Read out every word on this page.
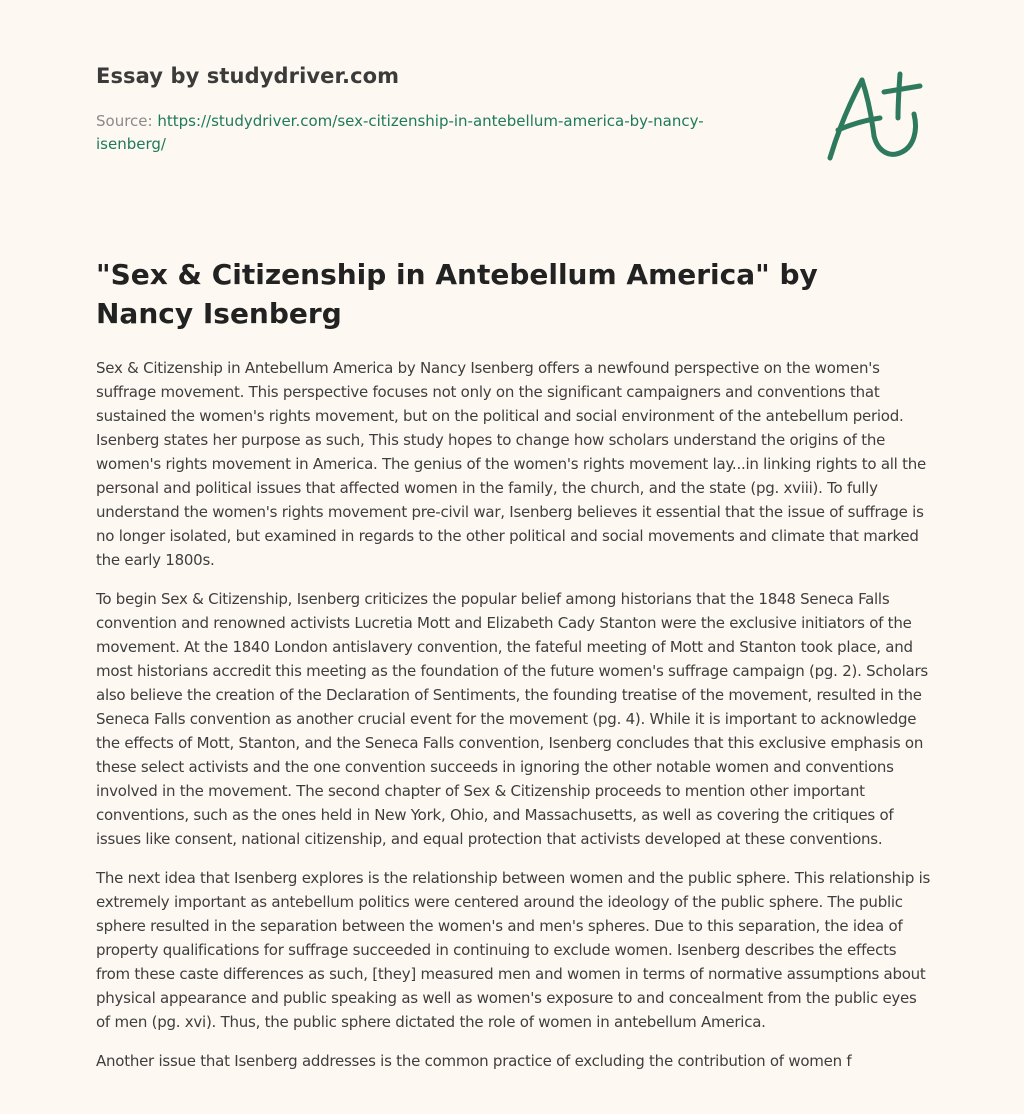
Essay by studydriver.com
Source: https://studydriver.com/sex-citizenship-in-antebellum-america-by-nancy-isenberg/
"Sex & Citizenship in Antebellum America" by Nancy Isenberg

Sex & Citizenship in Antebellum America by Nancy Isenberg offers a newfound perspective on the women's suffrage movement. This perspective focuses not only on the significant campaigners and conventions that sustained the women's rights movement, but on the political and social environment of the antebellum period. Isenberg states her purpose as such, This study hopes to change how scholars understand the origins of the women's rights movement in America. The genius of the women's rights movement lay...in linking rights to all the personal and political issues that affected women in the family, the church, and the state (pg. xviii). To fully understand the women's rights movement pre-civil war, Isenberg believes it essential that the issue of suffrage is no longer isolated, but examined in regards to the other political and social movements and climate that marked the early 1800s.

To begin Sex & Citizenship, Isenberg criticizes the popular belief among historians that the 1848 Seneca Falls convention and renowned activists Lucretia Mott and Elizabeth Cady Stanton were the exclusive initiators of the movement. At the 1840 London antislavery convention, the fateful meeting of Mott and Stanton took place, and most historians accredit this meeting as the foundation of the future women's suffrage campaign (pg. 2). Scholars also believe the creation of the Declaration of Sentiments, the founding treatise of the movement, resulted in the Seneca Falls convention as another crucial event for the movement (pg. 4). While it is important to acknowledge the effects of Mott, Stanton, and the Seneca Falls convention, Isenberg concludes that this exclusive emphasis on these select activists and the one convention succeeds in ignoring the other notable women and conventions involved in the movement. The second chapter of Sex & Citizenship proceeds to mention other important conventions, such as the ones held in New York, Ohio, and Massachusetts, as well as covering the critiques of issues like consent, national citizenship, and equal protection that activists developed at these conventions.

The next idea that Isenberg explores is the relationship between women and the public sphere. This relationship is extremely important as antebellum politics were centered around the ideology of the public sphere. The public sphere resulted in the separation between the women's and men's spheres. Due to this separation, the idea of property qualifications for suffrage succeeded in continuing to exclude women. Isenberg describes the effects from these caste differences as such, [they] measured men and women in terms of normative assumptions about physical appearance and public speaking as well as women's exposure to and concealment from the public eyes of men (pg. xvi). Thus, the public sphere dictated the role of women in antebellum America.

Another issue that Isenberg addresses is the common practice of excluding the contribution of women f
